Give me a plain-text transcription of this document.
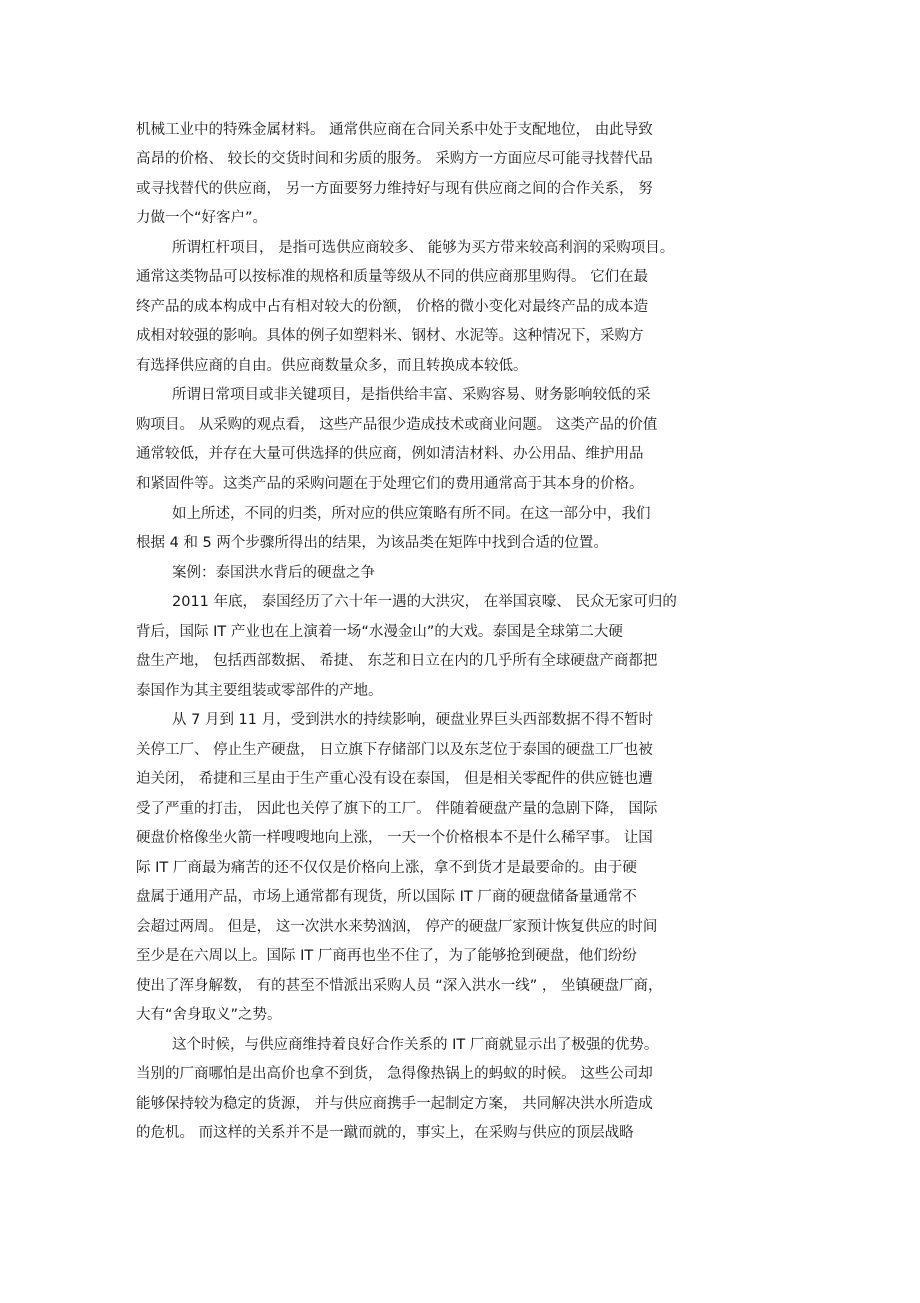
机械工业中的特殊金属材料。 通常供应商在合同关系中处于支配地位， 由此导致
高昂的价格、 较长的交货时间和劣质的服务。 采购方一方面应尽可能寻找替代品
或寻找替代的供应商， 另一方面要努力维持好与现有供应商之间的合作关系， 努
力做一个“好客户”。
所谓杠杆项目， 是指可选供应商较多、 能够为买方带来较高利润的采购项目。
通常这类物品可以按标准的规格和质量等级从不同的供应商那里购得。 它们在最
终产品的成本构成中占有相对较大的份额， 价格的微小变化对最终产品的成本造
成相对较强的影响。具体的例子如塑料米、钢材、水泥等。这种情况下，采购方
有选择供应商的自由。供应商数量众多，而且转换成本较低。
所谓日常项目或非关键项目，是指供给丰富、采购容易、财务影响较低的采
购项目。 从采购的观点看， 这些产品很少造成技术或商业问题。 这类产品的价值
通常较低，并存在大量可供选择的供应商，例如清洁材料、办公用品、维护用品
和紧固件等。这类产品的采购问题在于处理它们的费用通常高于其本身的价格。
如上所述，不同的归类，所对应的供应策略有所不同。在这一部分中，我们
根据 4 和 5 两个步骤所得出的结果，为该品类在矩阵中找到合适的位置。
案例：泰国洪水背后的硬盘之争
2011 年底， 泰国经历了六十年一遇的大洪灾， 在举国哀嚎、 民众无家可归的
背后，国际 IT 产业也在上演着一场“水漫金山”的大戏。泰国是全球第二大硬
盘生产地， 包括西部数据、 希捷、 东芝和日立在内的几乎所有全球硬盘产商都把
泰国作为其主要组装或零部件的产地。
从 7 月到 11 月，受到洪水的持续影响，硬盘业界巨头西部数据不得不暂时
关停工厂、 停止生产硬盘， 日立旗下存储部门以及东芝位于泰国的硬盘工厂也被
迫关闭， 希捷和三星由于生产重心没有设在泰国， 但是相关零配件的供应链也遭
受了严重的打击， 因此也关停了旗下的工厂。 伴随着硬盘产量的急剧下降， 国际
硬盘价格像坐火箭一样嗖嗖地向上涨， 一天一个价格根本不是什么稀罕事。 让国
际 IT 厂商最为痛苦的还不仅仅是价格向上涨，拿不到货才是最要命的。由于硬
盘属于通用产品，市场上通常都有现货，所以国际 IT 厂商的硬盘储备量通常不
会超过两周。 但是， 这一次洪水来势汹汹， 停产的硬盘厂家预计恢复供应的时间
至少是在六周以上。国际 IT 厂商再也坐不住了，为了能够抢到硬盘，他们纷纷
使出了浑身解数， 有的甚至不惜派出采购人员 “深入洪水一线” ， 坐镇硬盘厂商，
大有“舍身取义”之势。
这个时候，与供应商维持着良好合作关系的 IT 厂商就显示出了极强的优势。
当别的厂商哪怕是出高价也拿不到货， 急得像热锅上的蚂蚁的时候。 这些公司却
能够保持较为稳定的货源， 并与供应商携手一起制定方案， 共同解决洪水所造成
的危机。 而这样的关系并不是一蹴而就的，事实上，在采购与供应的顶层战略
